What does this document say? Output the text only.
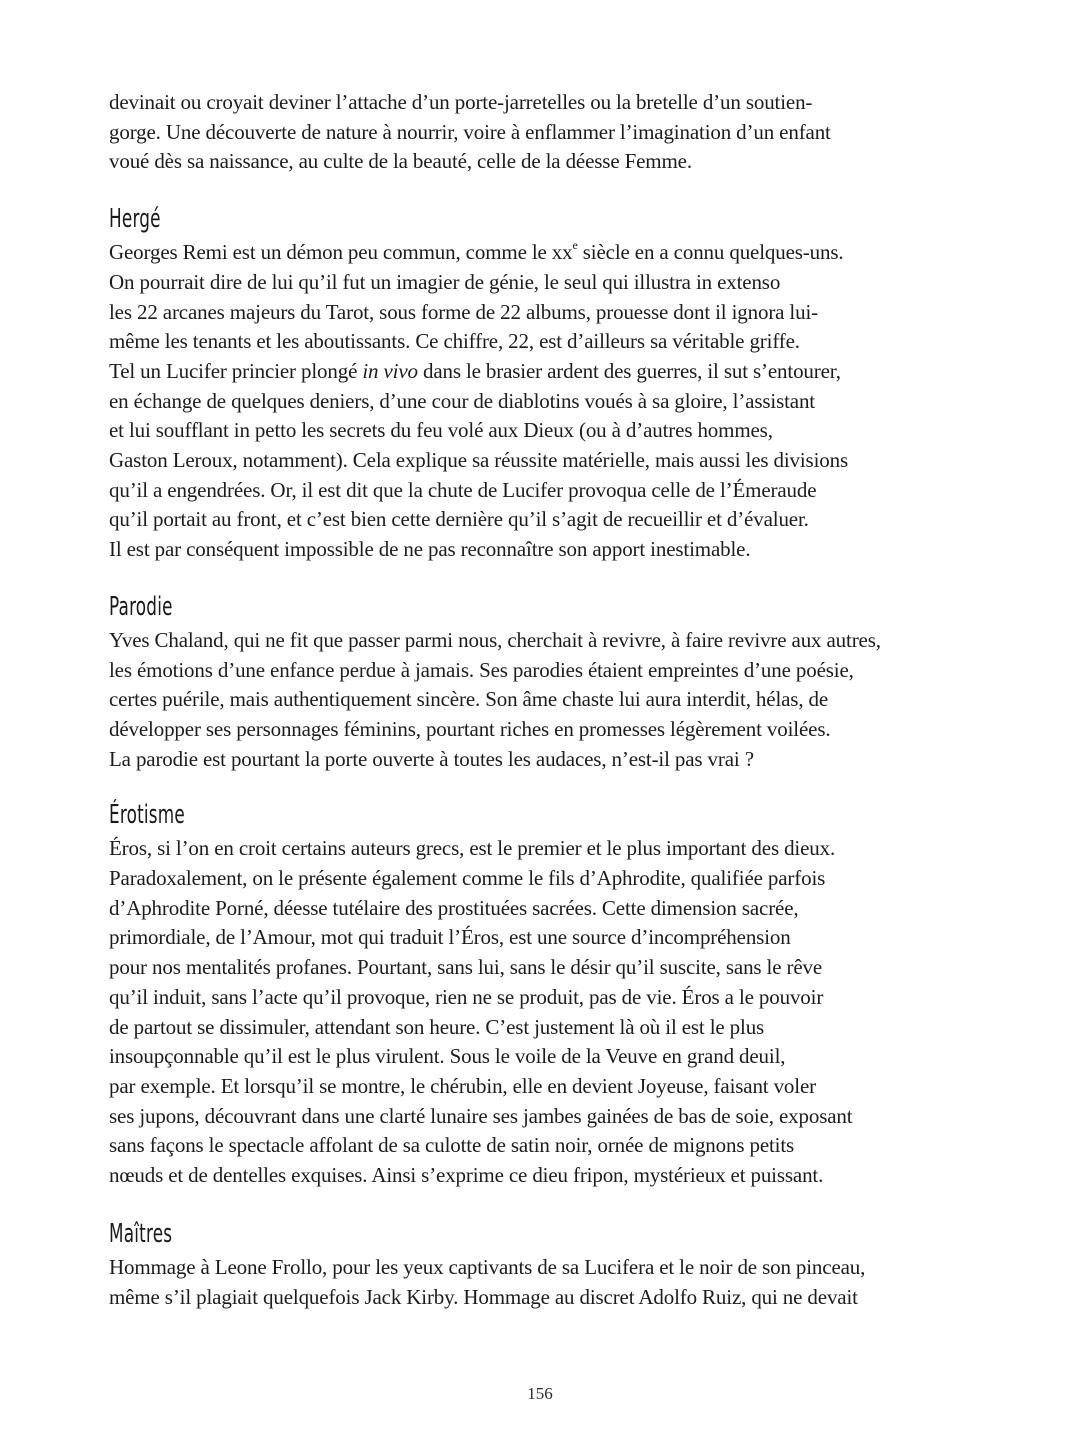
devinait ou croyait deviner l’attache d’un porte-jarretelles ou la bretelle d’un soutien-
gorge. Une découverte de nature à nourrir, voire à enflammer l’imagination d’un enfant
voué dès sa naissance, au culte de la beauté, celle de la déesse Femme.

Hergé

Georges Remi est un démon peu commun, comme le $xx^e$ siècle en a connu quelques-uns.
On pourrait dire de lui qu’il fut un imagier de génie, le seul qui illustra in extenso
les 22 arcanes majeurs du Tarot, sous forme de 22 albums, prouesse dont il ignora lui-
même les tenants et les aboutissants. Ce chiffre, 22, est d’ailleurs sa véritable griffe.
Tel un Lucifer princier plongé in vivo dans le brasier ardent des guerres, il sut s’entourer,
en échange de quelques deniers, d’une cour de diablotins voués à sa gloire, l’assistant
et lui soufflant in petto les secrets du feu volé aux Dieux (ou à d’autres hommes,
Gaston Leroux, notamment). Cela explique sa réussite matérielle, mais aussi les divisions
qu’il a engendrées. Or, il est dit que la chute de Lucifer provoqua celle de l’Émeraude
qu’il portait au front, et c’est bien cette dernière qu’il s’agit de recueillir et d’évaluer.
Il est par conséquent impossible de ne pas reconnaître son apport inestimable.

Parodie

Yves Chaland, qui ne fit que passer parmi nous, cherchait à revivre, à faire revivre aux autres,
les émotions d’une enfance perdue à jamais. Ses parodies étaient empreintes d’une poésie,
certes puérile, mais authentiquement sincère. Son âme chaste lui aura interdit, hélas, de
développer ses personnages féminins, pourtant riches en promesses légèrement voilées.
La parodie est pourtant la porte ouverte à toutes les audaces, n’est-il pas vrai ?

Érotisme

Éros, si l’on en croit certains auteurs grecs, est le premier et le plus important des dieux.
Paradoxalement, on le présente également comme le fils d’Aphrodite, qualifiée parfois
d’Aphrodite Porné, déesse tutélaire des prostituées sacrées. Cette dimension sacrée,
primordiale, de l’Amour, mot qui traduit l’Éros, est une source d’incompréhension
pour nos mentalités profanes. Pourtant, sans lui, sans le désir qu’il suscite, sans le rêve
qu’il induit, sans l’acte qu’il provoque, rien ne se produit, pas de vie. Éros a le pouvoir
de partout se dissimuler, attendant son heure. C’est justement là où il est le plus
insoupçonnable qu’il est le plus virulent. Sous le voile de la Veuve en grand deuil,
par exemple. Et lorsqu’il se montre, le chérubin, elle en devient Joyeuse, faisant voler
ses jupons, découvrant dans une clarté lunaire ses jambes gainées de bas de soie, exposant
sans façons le spectacle affolant de sa culotte de satin noir, ornée de mignons petits
nœuds et de dentelles exquises. Ainsi s’exprime ce dieu fripon, mystérieux et puissant.

Maîtres

Hommage à Leone Frollo, pour les yeux captivants de sa Lucifera et le noir de son pinceau,
même s’il plagiait quelquefois Jack Kirby. Hommage au discret Adolfo Ruiz, qui ne devait

156
